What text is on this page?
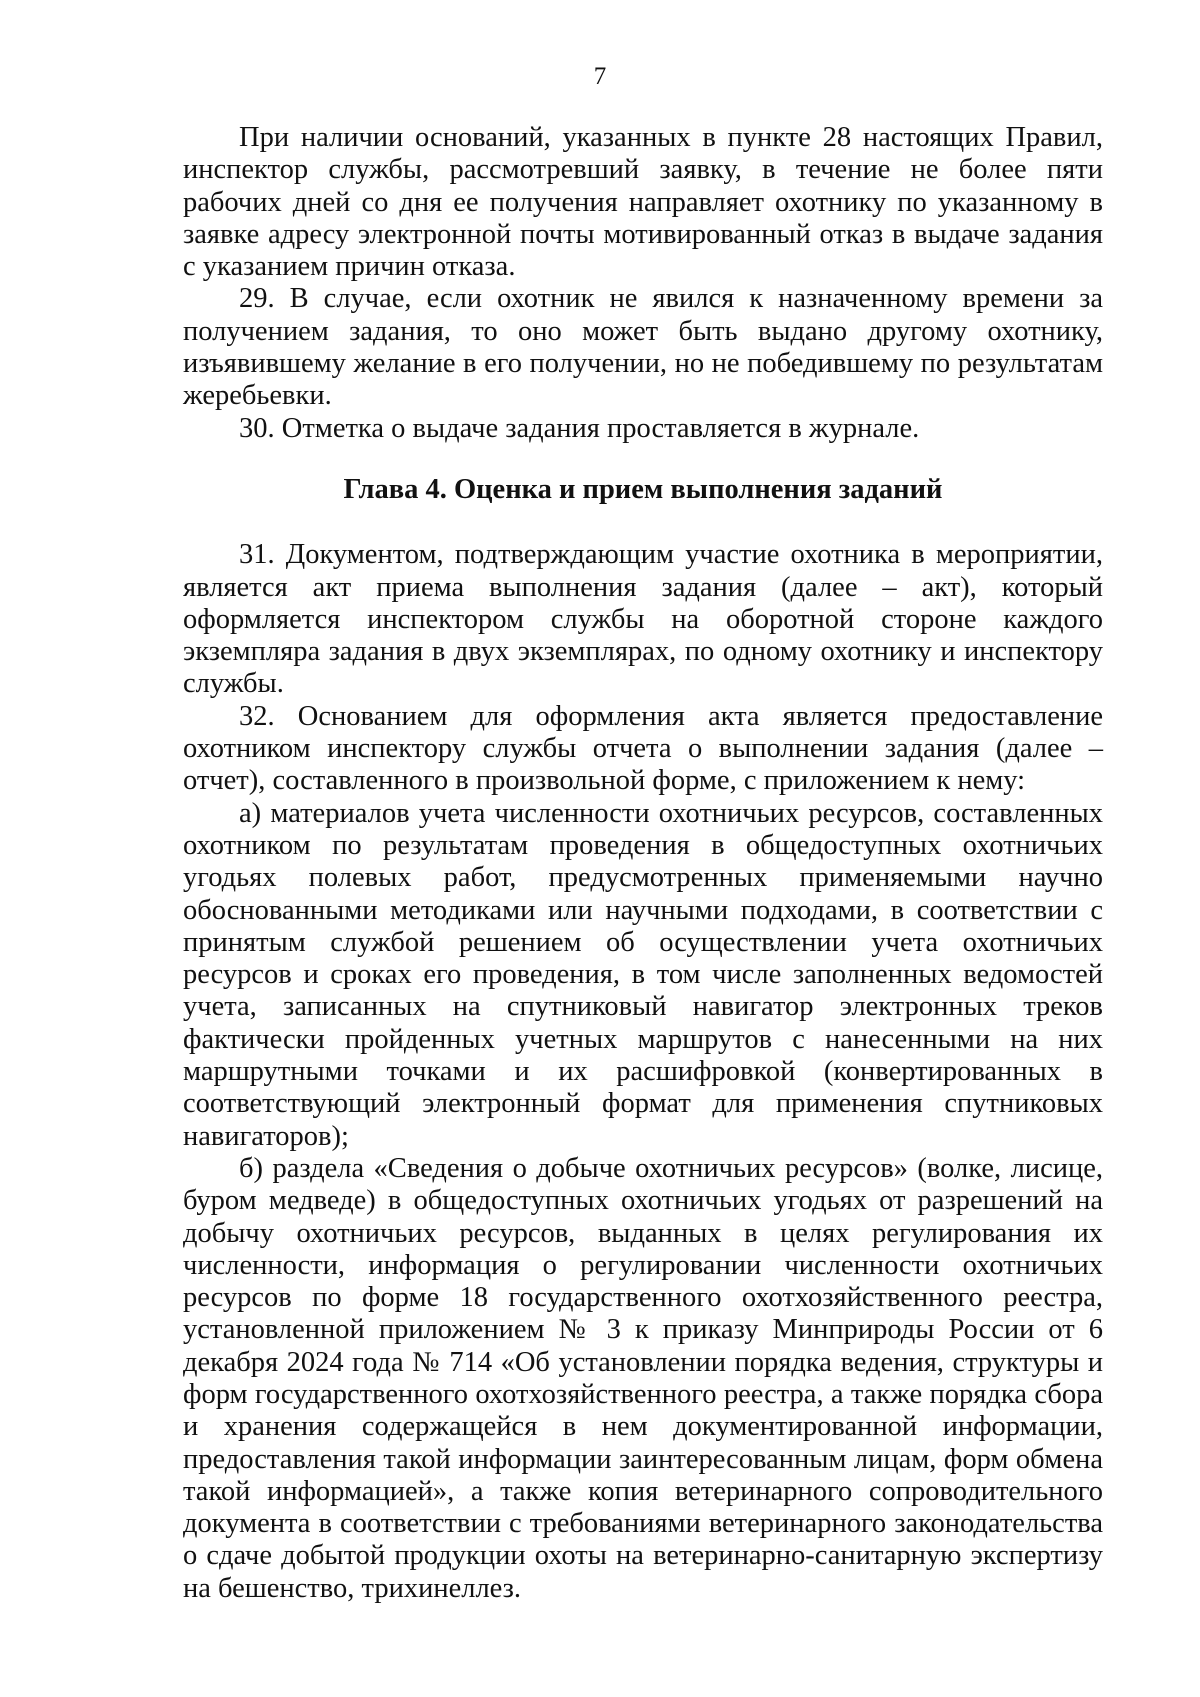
7

При наличии оснований, указанных в пункте 28 настоящих Правил, инспектор службы, рассмотревший заявку, в течение не более пяти рабочих дней со дня ее получения направляет охотнику по указанному в заявке адресу электронной почты мотивированный отказ в выдаче задания с указанием причин отказа.

29. В случае, если охотник не явился к назначенному времени за получением задания, то оно может быть выдано другому охотнику, изъявившему желание в его получении, но не победившему по результатам жеребьевки.

30. Отметка о выдаче задания проставляется в журнале.

Глава 4. Оценка и прием выполнения заданий

31. Документом, подтверждающим участие охотника в мероприятии, является акт приема выполнения задания (далее – акт), который оформляется инспектором службы на оборотной стороне каждого экземпляра задания в двух экземплярах, по одному охотнику и инспектору службы.

32. Основанием для оформления акта является предоставление охотником инспектору службы отчета о выполнении задания (далее – отчет), составленного в произвольной форме, с приложением к нему:

а) материалов учета численности охотничьих ресурсов, составленных охотником по результатам проведения в общедоступных охотничьих угодьях полевых работ, предусмотренных применяемыми научно обоснованными методиками или научными подходами, в соответствии с принятым службой решением об осуществлении учета охотничьих ресурсов и сроках его проведения, в том числе заполненных ведомостей учета, записанных на спутниковый навигатор электронных треков фактически пройденных учетных маршрутов с нанесенными на них маршрутными точками и их расшифровкой (конвертированных в соответствующий электронный формат для применения спутниковых навигаторов);

б) раздела «Сведения о добыче охотничьих ресурсов» (волке, лисице, буром медведе) в общедоступных охотничьих угодьях от разрешений на добычу охотничьих ресурсов, выданных в целях регулирования их численности, информация о регулировании численности охотничьих ресурсов по форме 18 государственного охотхозяйственного реестра, установленной приложением № 3 к приказу Минприроды России от 6 декабря 2024 года № 714 «Об установлении порядка ведения, структуры и форм государственного охотхозяйственного реестра, а также порядка сбора и хранения содержащейся в нем документированной информации, предоставления такой информации заинтересованным лицам, форм обмена такой информацией», а также копия ветеринарного сопроводительного документа в соответствии с требованиями ветеринарного законодательства о сдаче добытой продукции охоты на ветеринарно-санитарную экспертизу на бешенство, трихинеллез.
